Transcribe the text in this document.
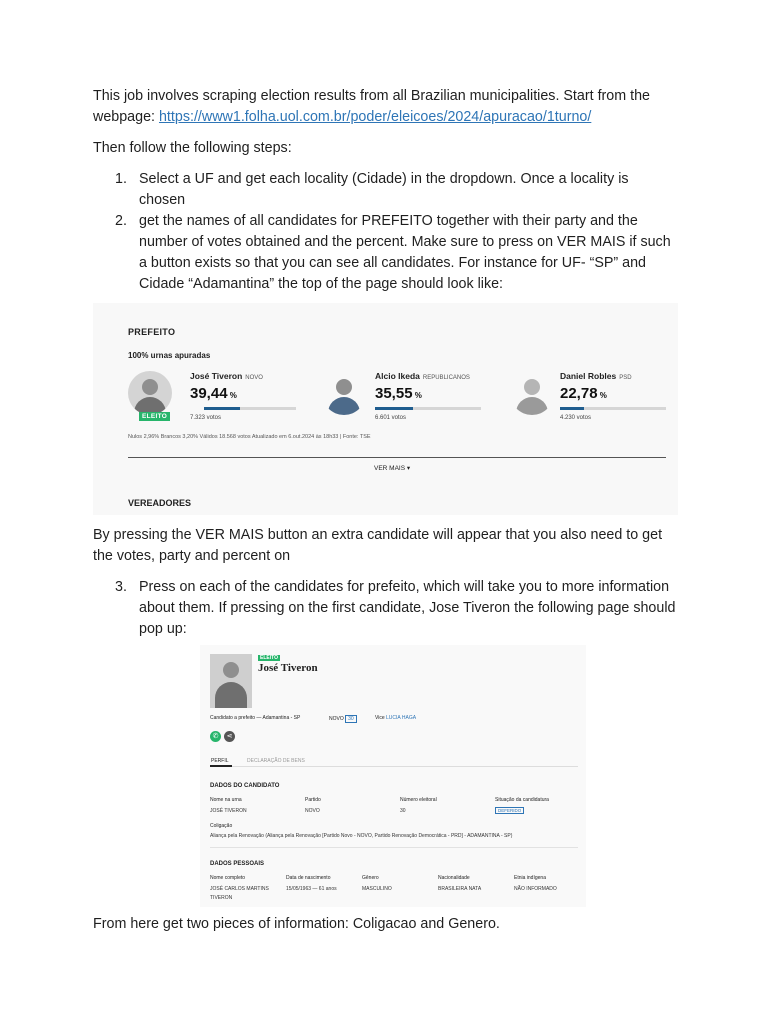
This job involves scraping election results from all Brazilian municipalities. Start from the webpage: https://www1.folha.uol.com.br/poder/eleicoes/2024/apuracao/1turno/

Then follow the following steps:

1. Select a UF and get each locality (Cidade) in the dropdown. Once a locality is chosen
2. get the names of all candidates for PREFEITO together with their party and the number of votes obtained and the percent. Make sure to press on VER MAIS if such a button exists so that you can see all candidates. For instance for UF- “SP” and Cidade “Adamantina” the top of the page should look like:
PREFEITO
100% urnas apuradas
ELEITO
José Tiveron NOVO
39,44 %
7.323 votos
Alcio Ikeda REPUBLICANOS
35,55 %
6.601 votos
Daniel Robles PSD
22,78 %
4.230 votos
Nulos 2,96% Brancos 3,20% Válidos 18.568 votos Atualizado em 6.out.2024 às 18h33 | Fonte: TSE
VER MAIS ▾
VEREADORES

By pressing the VER MAIS button an extra candidate will appear that you also need to get the votes, party and percent on

3. Press on each of the candidates for prefeito, which will take you to more information about them. If pressing on the first candidate, Jose Tiveron the following page should pop up:
ELEITO
José Tiveron
Candidato a prefeito — Adamantina - SP	NOVO 30	Vice LUCIA HAGA
✆	⋖
PERFIL	DECLARAÇÃO DE BENS
DADOS DO CANDIDATO
Nome na urna	Partido	Número eleitoral	Situação da candidatura
JOSÉ TIVERON	NOVO	30	DEFERIDO
Coligação
Aliança pela Renovação (Aliança pela Renovação [Partido Novo - NOVO, Partido Renovação Democrática - PRD] - ADAMANTINA - SP)
DADOS PESSOAIS
Nome completo	Data de nascimento	Gênero	Nacionalidade	Etnia indígena
JOSÉ CARLOS MARTINS	15/05/1963 — 61 anos	MASCULINO	BRASILEIRA NATA	NÃO INFORMADO
TIVERON

From here get two pieces of information: Coligacao and Genero.
